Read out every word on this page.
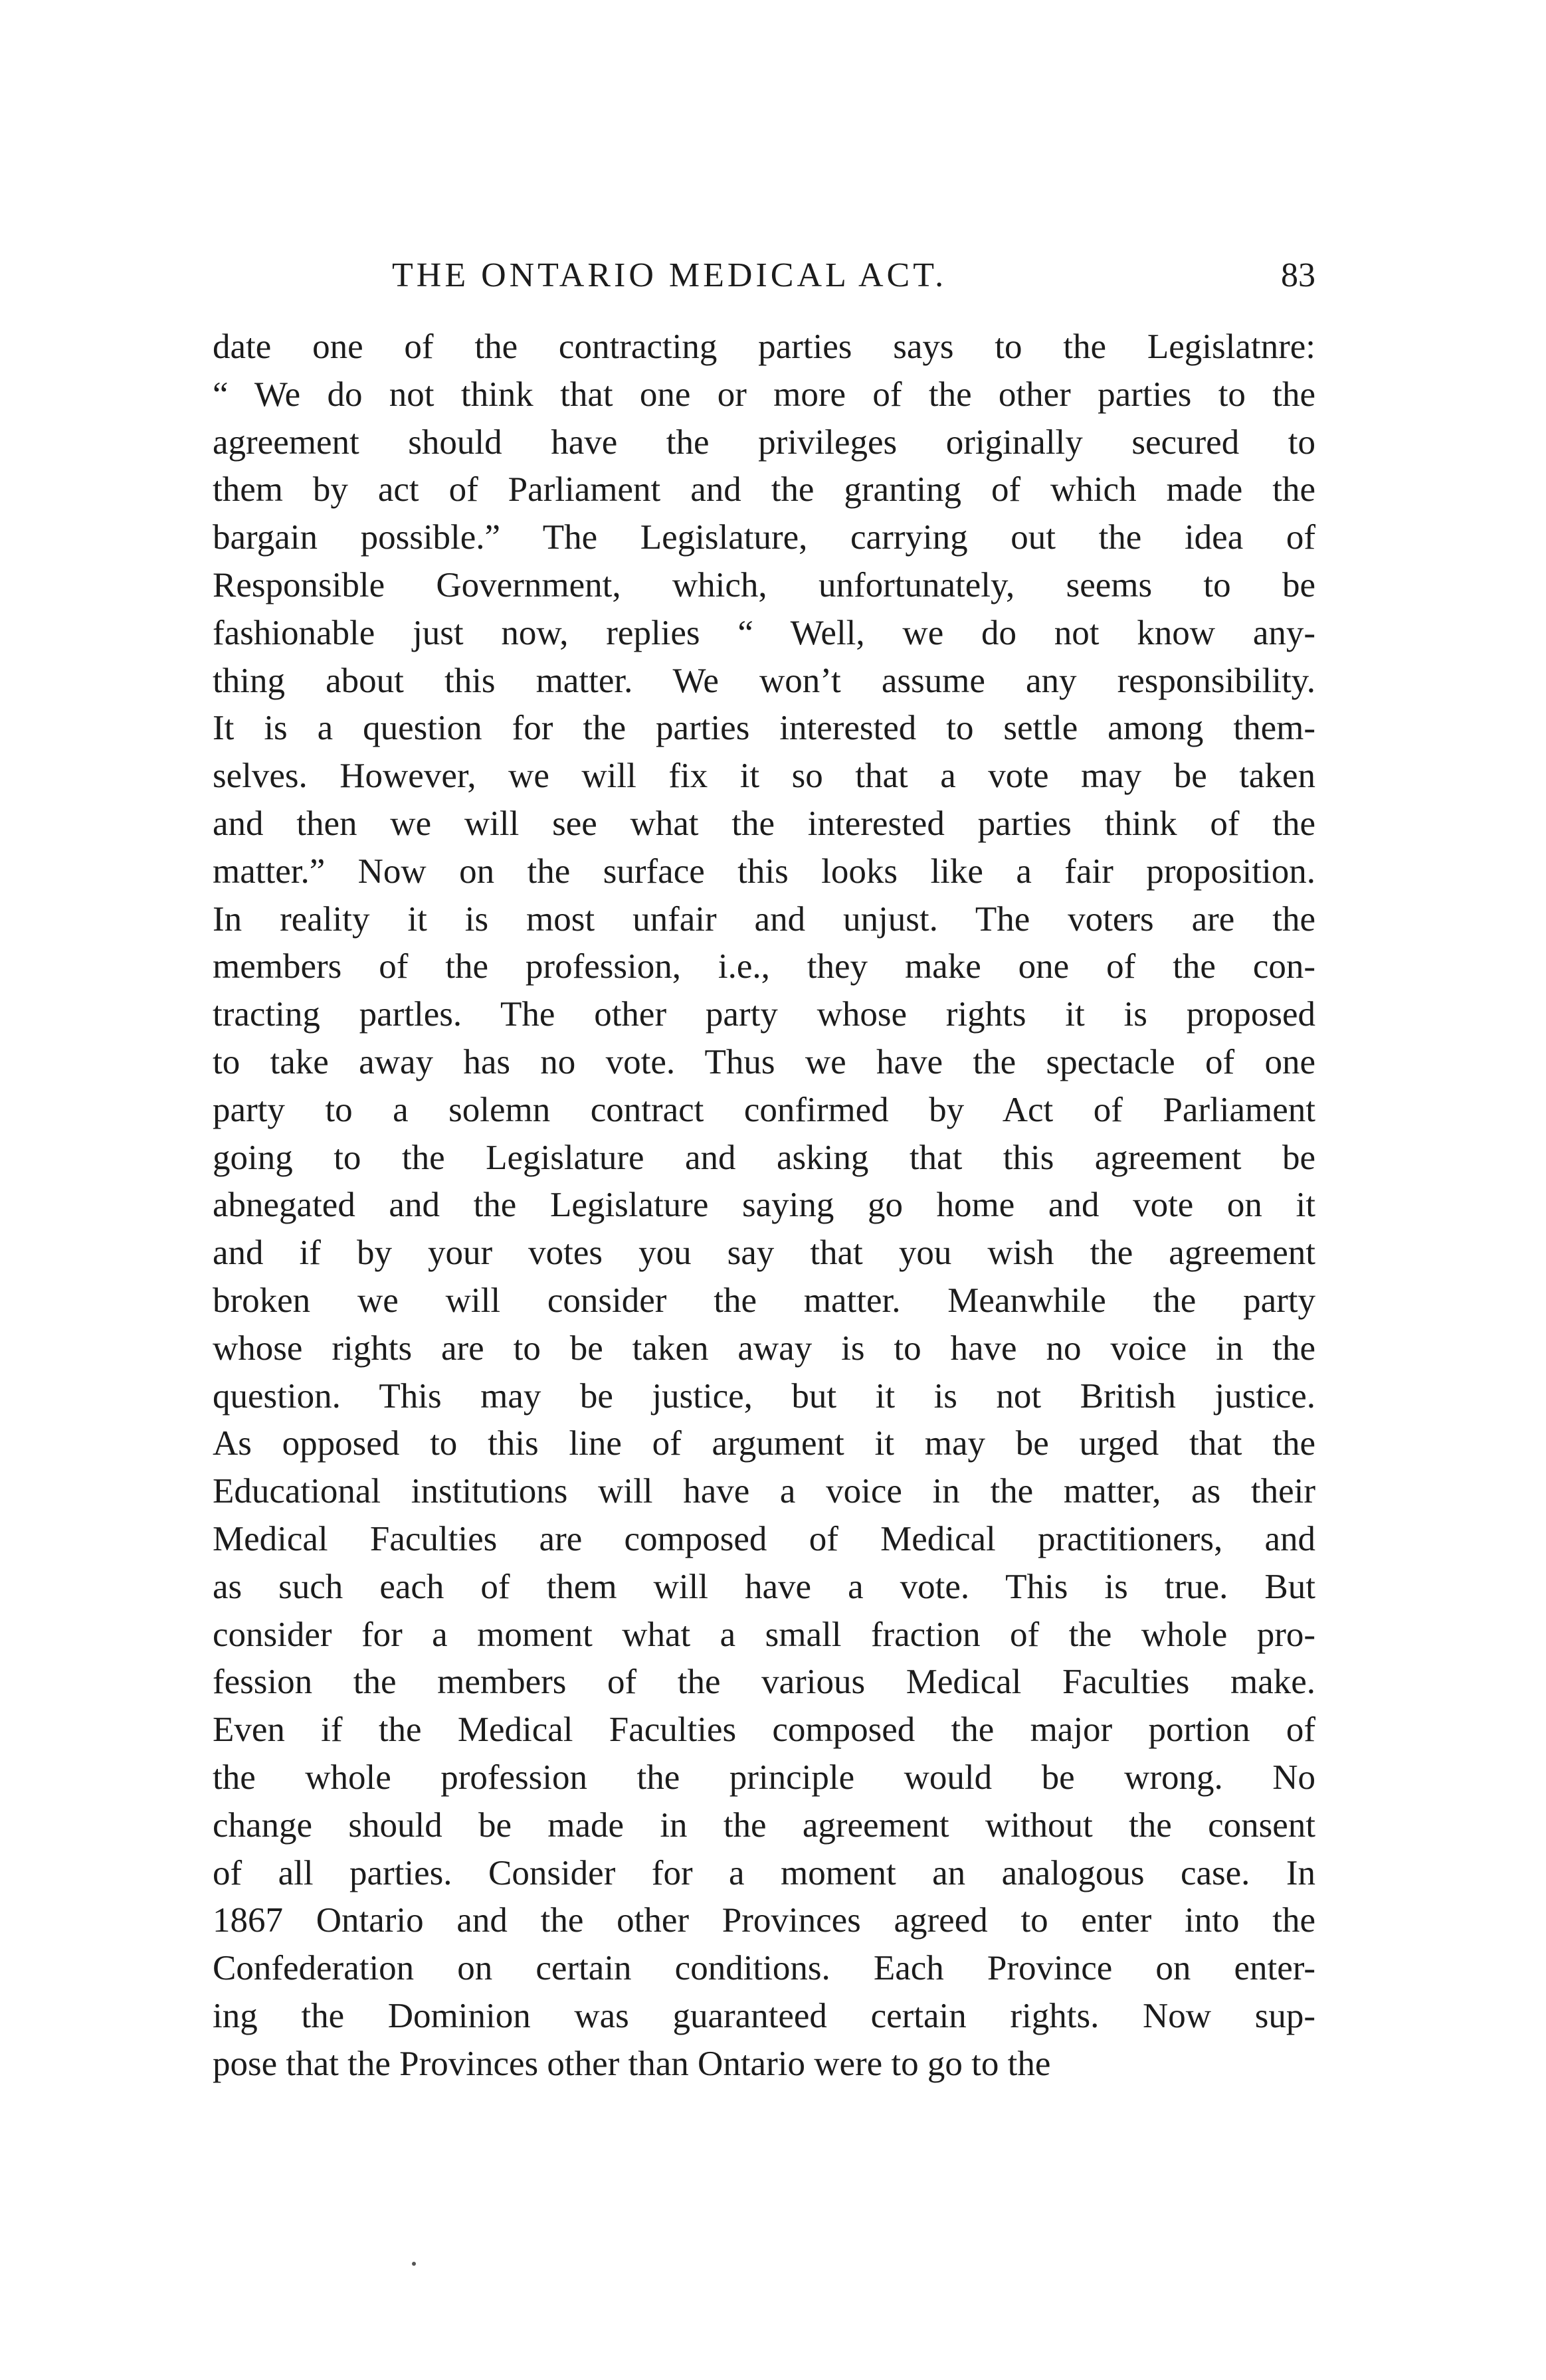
THE ONTARIO MEDICAL ACT.	83
date one of the contracting parties says to the Legislatnre:
“ We do not think that one or more of the other parties to the
agreement should have the privileges originally secured to
them by act of Parliament and the granting of which made the
bargain possible.” The Legislature, carrying out the idea of
Responsible Government, which, unfortunately, seems to be
fashionable just now, replies “ Well, we do not know any-
thing about this matter. We won’t assume any responsibility.
It is a question for the parties interested to settle among them-
selves. However, we will fix it so that a vote may be taken
and then we will see what the interested parties think of the
matter.” Now on the surface this looks like a fair proposition.
In reality it is most unfair and unjust. The voters are the
members of the profession, i.e., they make one of the con-
tracting partles. The other party whose rights it is proposed
to take away has no vote. Thus we have the spectacle of one
party to a solemn contract confirmed by Act of Parliament
going to the Legislature and asking that this agreement be
abnegated and the Legislature saying go home and vote on it
and if by your votes you say that you wish the agreement
broken we will consider the matter. Meanwhile the party
whose rights are to be taken away is to have no voice in the
question. This may be justice, but it is not British justice.
As opposed to this line of argument it may be urged that the
Educational institutions will have a voice in the matter, as their
Medical Faculties are composed of Medical practitioners, and
as such each of them will have a vote. This is true. But
consider for a moment what a small fraction of the whole pro-
fession the members of the various Medical Faculties make.
Even if the Medical Faculties composed the major portion of
the whole profession the principle would be wrong. No
change should be made in the agreement without the consent
of all parties. Consider for a moment an analogous case. In
1867 Ontario and the other Provinces agreed to enter into the
Confederation on certain conditions. Each Province on enter-
ing the Dominion was guaranteed certain rights. Now sup-
pose that the Provinces other than Ontario were to go to the
